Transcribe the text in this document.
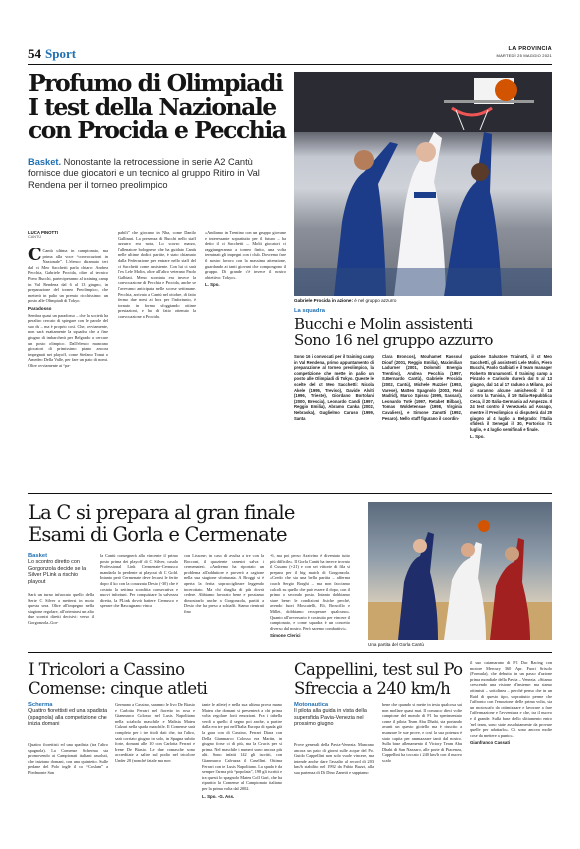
54 Sport	LA PROVINCIA
MARTEDÌ 25 MAGGIO 2021
Profumo di Olimpiadi
I test della Nazionale
con Procida e Pecchia
Basket. Nonostante la retrocessione in serie A2 Cantù fornisce due giocatori e un tecnico al gruppo Ritiro in Val Rendena per il torneo preolimpico
LUCA PINOTTI
CANTÙ
C Cantù ultima in campionato, ma prima alla voce “convocazioni in Nazionale”. L'elenco diramato ieri dal ct Meo Sacchetti parla chiaro: Andrea Pecchia, Gabriele Procida, oltre al tecnico Piero Bucchi, parteciperanno al training camp in Val Rendena dal 6 al 13 giugno, in preparazione del torneo Preolimpico, che metterà in palio un premio ricchissimo: un posto alle Olimpiadi di Tokyo.
Paradosso
Sembra quasi un paradosso – che la società ha peraltro cercato di spiegare con le parole del suo ds – ma è proprio così. Che, ovviamente, non sarà esattamente la squadra che a fine giugno di imbarcherà per Belgrado a cercare un posto olimpico. Dall'elenco mancano giocatori di primissimo piano ancora impegnati nei playoff, come Stefano Tonut o Amedeo Della Valle, per fare un paio di nomi. Oltre ovviamente ai “pa-
pabili” che giocano in Nba, come Danilo Gallinari. La presenza di Bucchi nello staff azzurro era nota, Lo scorso marzo, l'allenatore bolognese che ha guidato Cantù nelle ultime dodici partite, è stato chiamato dalla Federazione per entrare nello staff del ct Sacchetti come assistente. Con lui ci sarà l'ex Lele Molin, oltre all'altro veterano Paolo Galbiati. Meno scontata era invece la convocazione di Pecchia e Procida, anche se l'avevamo anticipata nelle scorse settimane. Pecchia, arrivato a Cantù nel ottobre, di fatto fermo due mesi ai box per l'infortunio, è tornato in forma sfoggiando ottime prestazioni, e ha di fatto ottenuto la convocazione a Procida.
«Andiamo in Trentino con un gruppo giovane e interessante soprattutto per il futuro – ha detto il ct Sacchetti –. Molti giocatori ci raggiungeranno a torneo finito, una volta terminati gli impegni con i club. Dovremo fare il nostro lavoro con la massima attenzione, guardando ai tanti giovani che compongono il gruppo. Di grande c'è invece il nostro obiettivo: Tokyo».
L. Spo.
Gabriele Procida in azione: è nel gruppo azzurro
La squadra
Bucchi e Molin assistenti
Sono 16 nel gruppo azzurro
Sono 16 i convocati per il training camp in Val Rendena, primo appuntamento di preparazione al torneo preolimpico, la competizione che mette in palio un posto alle Olimpiadi di Tokyo. Queste le scelte del ct Meo Sacchetti: Nicola Akele (1995, Treviso), Davide Alviti (1996, Trieste), Giordano Bortolani (2000, Brescia), Leonardo Candi (1997, Reggio Emilia), Abramo Canka (2002, Nebraska), Guglielmo Caruso (1999, Santa
Clara Broncos), Mouhamet Rassoul Diouf (2001, Reggio Emilia), Maximilian Ladurner (2001, Dolomiti Energia Trentino), Andrea Pecchia (1997, S.Bernardo Cantù), Gabriele Procida (2002, Cantù), Michele Ruzzier (1993, Varese), Matteo Spagnolo (2003, Real Madrid), Marco Spissu (1995, Sassari), Leonardo Totè (1997, Retabet Bilbao), Tomas Woldetensae (1998, Virginia Cavaliers), e Simone Zanotti (1992, Pesaro). Nello staff figurano il coordin-
gazione Salvatore Trainotti, il ct Meo Sacchetti, gli assistenti Lele Molin, Piero Bucchi, Paolo Galbiati e il team manager Roberto Brunamonti. Il training camp a Pinzolo e Carisolo durerà dal 5 al 13 giugno, dal 14 al 17 raduno a Milano, poi ci saranno alcune amichevoli: il 18 contro la Tunisia, il 19 Italia-Repubblica Ceca, il 20 Italia-Germania ad Ampezzo. Il 24 test contro il Venezuela ad Assago, mentre il Preolimpico si disputerà dal 29 giugno al 4 luglio a Belgrado: l'Italia sfiderà il Senegal il 30, Portorico l'1 luglio, e 4 luglio semifinali e finale.
L. Spo.
La C si prepara al gran finale
Esami di Gorla e Cermenate
Basket
Lo scontro diretto con Gorgonzola decide se la Silver PLink a rischio playout
Sarà un turno infuocato quello della Serie C Silver a mettersi in moto questa sera. Oltre all'impegno nella stagione regolare, all'orientarsi un alto due scontri diretti decisivi: verso il Gorgonzola–Gor-
la Cantù consegnerà alla vincente il primo posto prima dei playoff di C Silver, casalo Professional Link Cermenate-Cernusco mandarla la perdente ai playout di C Gold. Intanto però Cermenate deve lecarsi le ferite dopo il ko con la corazzata Desio (-30) che è costato la settima sconfitta consecutiva e nuovi infortuni. Per conquistare la salvezza diretta, la PLink dovrà battere Cernusco e sperare che Bascugnano vinca
con Lissone; in caso di avulsa a tre con la Bocconi, il quoziente canestri salva i cermenatesi. «Andremo ha riportato un problema all'adduttore e proverò a cagione nella sua stagione sfortunata. A Broggi si è aperta la ferita sopracciglieare leggendo incerottato. Ma chi sbaglia di più dovrà cedere. Abbiamo lavorato bene e possiamo dimostrarlo anche a Gorgonzola, partiti a Desio che ha preso a schiaffi. Siamo rientrati fino
-6, ma poi perso Azzivino è diventato tutto più difficile». Il Gorla Cantù ha invece trovato il Cusano (+21) e con sei vittorie di fila si prepara per il big match di Gorgonzola. «Credo che sia una bella partita – afferma coach Sergio Borghi – ma non facciamo calcoli su quello che può essere il dopo, con il primo o secondo posto. Intanto dobbiamo stare bene: le condizioni fisiche perché, avendo fuori Moscatelli, Eli, Broscillo e Millet, dobbiamo recuperare qualcuno». Quanto all'avversario è costruito per vincere il campionato, e come squadra è un concetto diverso dal nostro. Però saremo combattivi».
Simone Clerici
Una partita del Gorla Cantù
I Tricolori a Cassino
Comense: cinque atleti
Scherma
Quattro fiorettisti ed una spadista (spagnola) alla competizione che inizia domani
Quattro fiorettisti ed una spadista (tra l'altro spagnola). La Comense Scherma sta promovendo ai Campionati italiani assoluti, che iniziano domani, con una quintetto. Sulle pedane del Polo inglè il co “Coslam” a Piedmonte San
Germano a Cassino, saranno le livo De Biasio e Carlotta Ferrari nel fioretto in rosa e Gianmarco Colosso nel Lusis Napolitano nella sciabola maschile e Malisia Mateu Calzari nella spada maschile. Il Comense sarà completo per i tre titoli dati che, tra l'altro, sarà corriato giugno in solo, in Spagna subito forte, domani alle 10 con Carlotta Ferrari e Irene De Biasio. Le due comasche sono accreditate a salire sul podio nel tricolore Under 20 (nonché fatale ma non
tante le atlete) e nella sua ultima prova mano Mateu che domani si presenterà a chi prima volta regolare forti emozioni. Fra i tabella verdi a quello il segno poi anche, a partire dalla era tre poi nell'Italia Europa di spada già la gara con di Cassino, Ferrari Diara con Della Gianmarco Colosso era Martin, in giugno forse ci di più, ma la Crucis per si prima. Nel maschile i numeri sono ancora più alti. Sono infatti 142 gli iscritti, con Gianmarco Calvazza il Casellini. Ottima Ferrari con te Lusis Napolitano. La spada è da sempre l'arma più “popolata”, 198 gli iscritti e tra questi lo spagnolo Mateu Coll Garì, che ha ripartito la Comense al Campionato italiano per la prima volta dal 2002.
L. Spo. -G. Ass.
Cappellini, test sul Po
Sfreccia a 240 km/h
Motonautica
Il pilota alla guida in vista della supersfida Pavia-Venezia nel prossimo giugno
Prove generali della Pavia-Venezia. Mancano ancora un paio di giorni sulle acque del Po. Guido Cappellini non solo vuole vincere, ma intende anche dare l'assalto al record di 203 km/h stabilito nel 1992 da Fabio Buzzi, alla sua partenza di Di Dino Zanetti e sappiamo
bene che quando si mette in testa qualcosa sai non mollare quasi mai. Il comasco dieci volte campione del mondo di F1 ha sperimentato come il pilota Team Abu Dhabi, sta portando avanti un questo gioiello ma è riuscito a nsanzare le sue prove, e così la sua potenza è stato capita per ammazzare tanti dal nostro. Sulla base allenamento il Victory Team Abu Dhabi di San Nazzaro, alle porte di Piacenza, Cappellini ha toccato i 240 km/h con il nuovo scafo
il suo catamarano di F1 Dac Racing con motore Mercury 360 Apr. Fuori Srisolo (Formula), che debutta in un passo d'azione prima mondiale della Pavia – Venezia. «Stiamo crescendo una visione d'insieme: ma siamo ottimisti – sottolinea – perché penso che in un Raid di questo tipo, soprattutto perme che l'affronto con l'emozione delle prima volta, sia un motoscafo da ottimizzare e lavorare a fare l'affermazione e l'avventura e che, tra il nuovo e il grande. Sulla base dello slittamento entro 'nel team, sono state assolutamente da provare quelle per adattarlo». Ci sono ancora molte cose da mettere a punto».
Gianfranco Cassati
